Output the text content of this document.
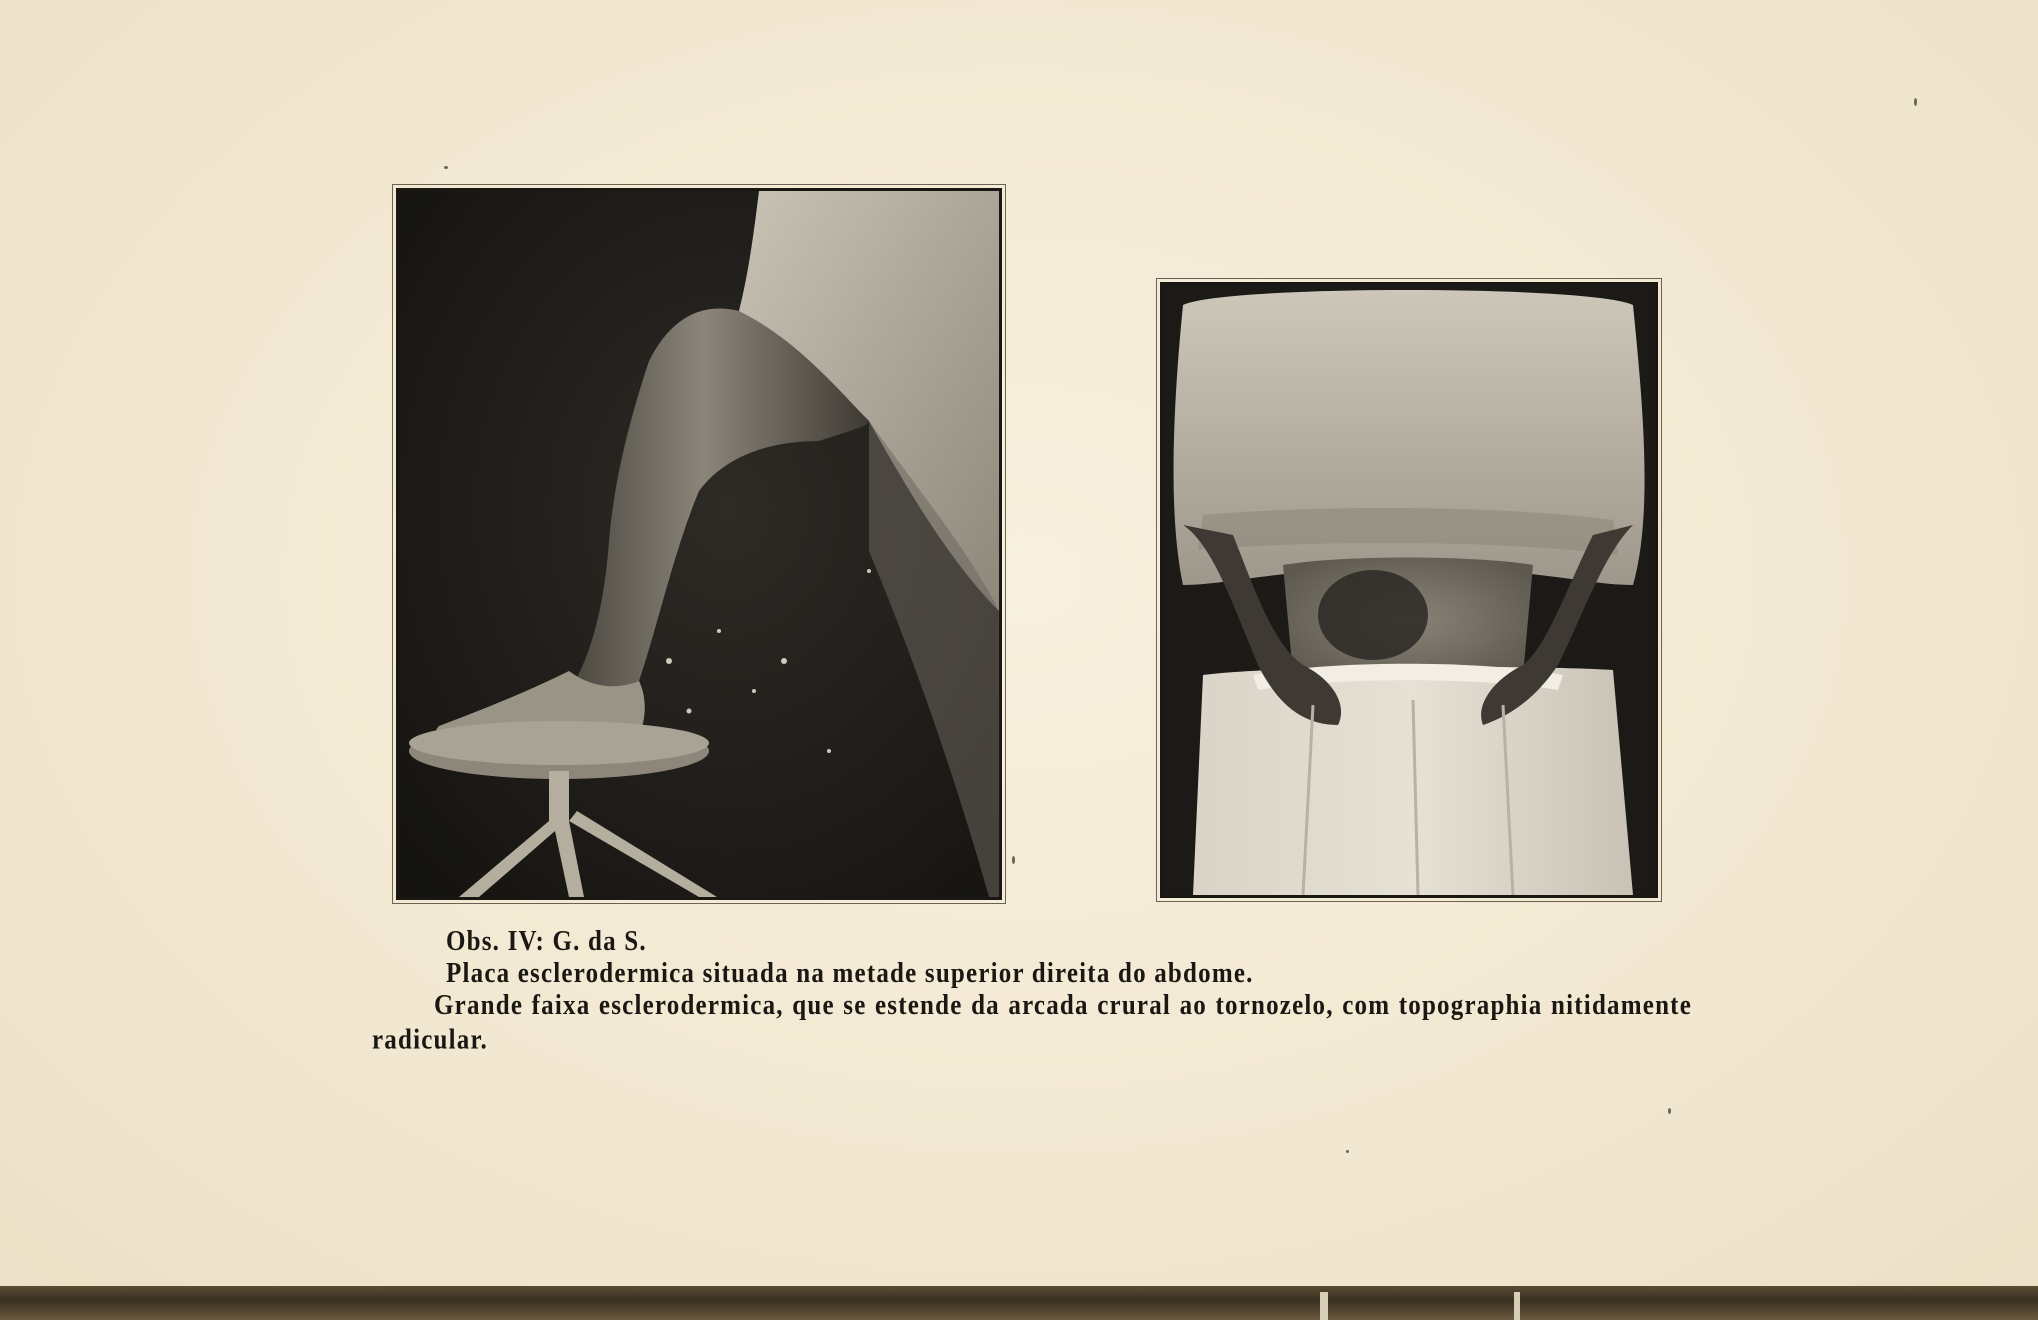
Obs. IV: G. da S.
Placa esclerodermica situada na metade superior direita do abdome.
Grande faixa esclerodermica, que se estende da arcada crural ao tornozelo, com topographia nitidamente radicular.
